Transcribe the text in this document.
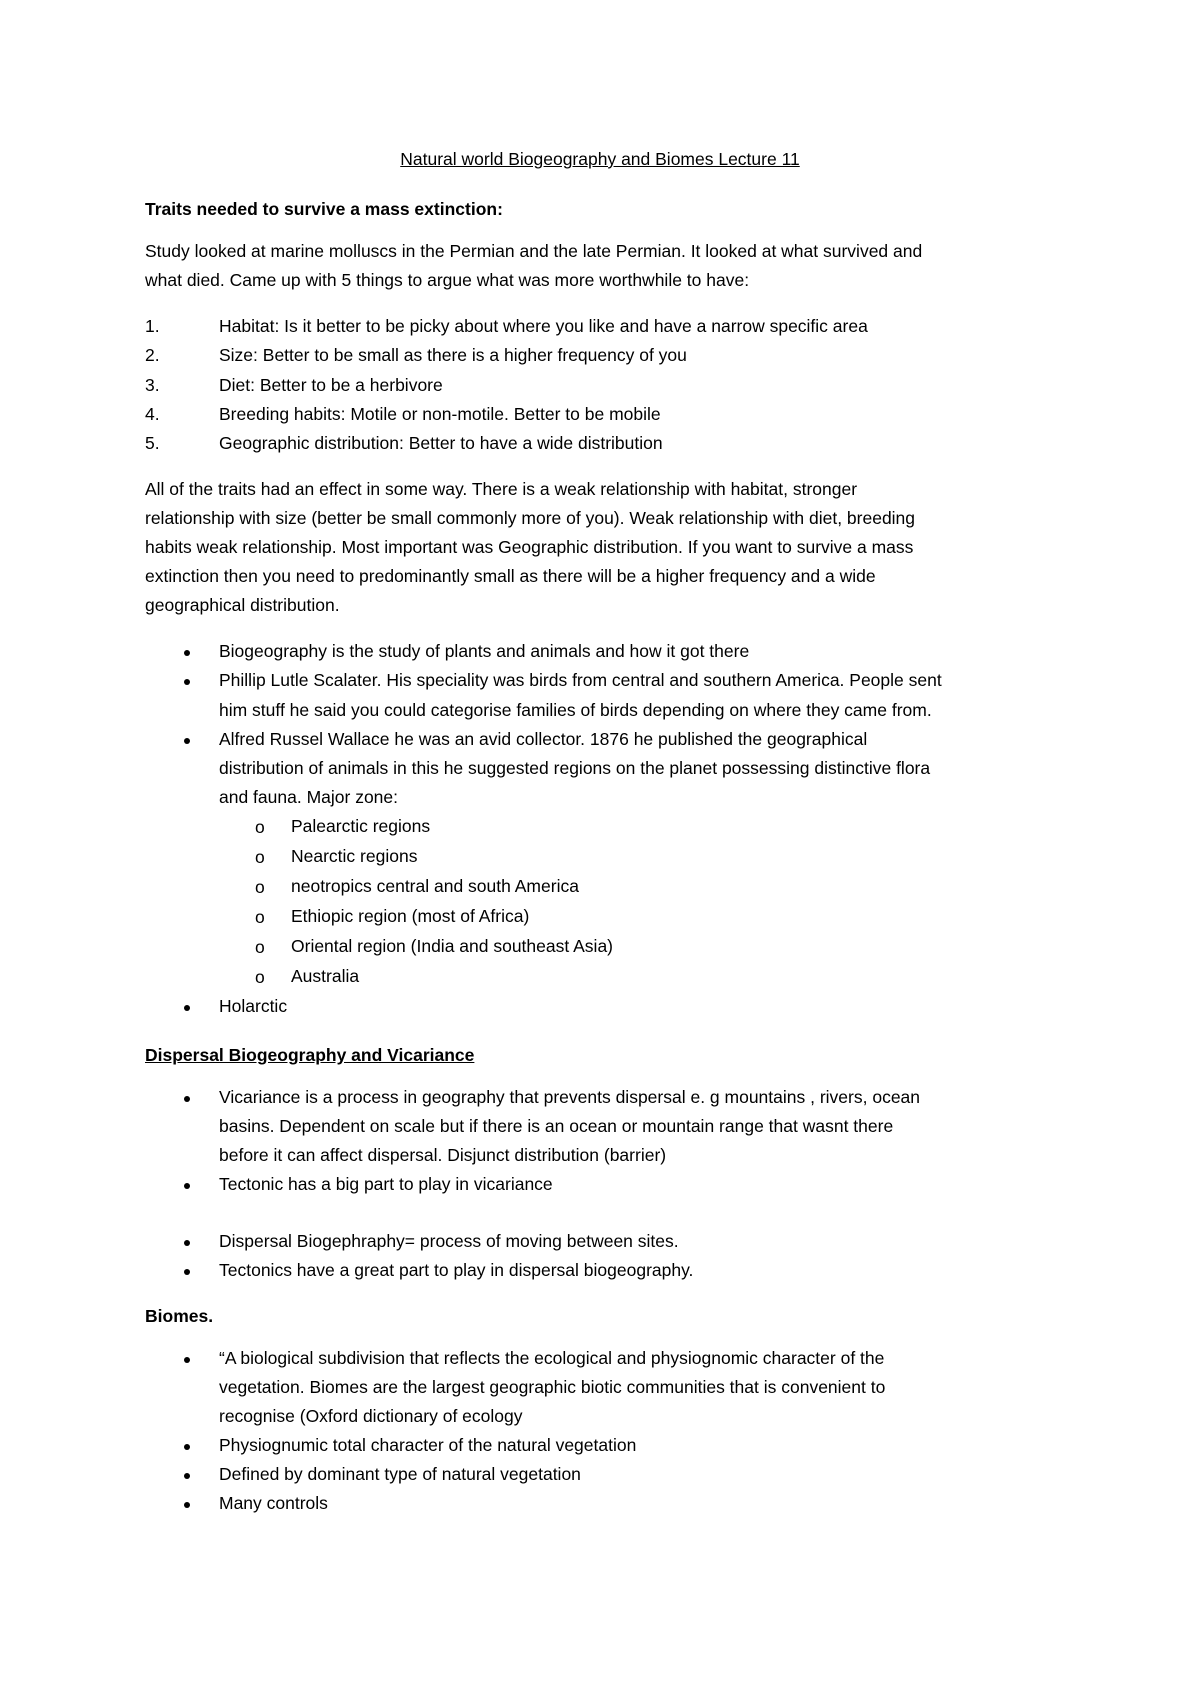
Natural world Biogeography and Biomes Lecture 11
Traits needed to survive a mass extinction:
Study looked at marine molluscs in the Permian and the late Permian. It looked at what survived and
what died. Came up with 5 things to argue what was more worthwhile to have:
1.	Habitat: Is it better to be picky about where you like and have a narrow specific area
2.	Size: Better to be small as there is a higher frequency of you
3.	Diet: Better to be a herbivore
4.	Breeding habits: Motile or non-motile. Better to be mobile
5.	Geographic distribution: Better to have a wide distribution
All of the traits had an effect in some way. There is a weak relationship with habitat, stronger
relationship with size (better be small commonly more of you). Weak relationship with diet, breeding
habits weak relationship. Most important was Geographic distribution. If you want to survive a mass
extinction then you need to predominantly small as there will be a higher frequency and a wide
geographical distribution.
Biogeography is the study of plants and animals and how it got there
Phillip Lutle Scalater. His speciality was birds from central and southern America. People sent
him stuff he said you could categorise families of birds depending on where they came from.
Alfred Russel Wallace he was an avid collector. 1876 he published the geographical
distribution of animals in this he suggested regions on the planet possessing distinctive flora
and fauna. Major zone:
o Palearctic regions
o Nearctic regions
o neotropics central and south America
o Ethiopic region (most of Africa)
o Oriental region (India and southeast Asia)
o Australia
Holarctic
Dispersal Biogeography and Vicariance
Vicariance is a process in geography that prevents dispersal e. g mountains , rivers, ocean
basins. Dependent on scale but if there is an ocean or mountain range that wasnt there
before it can affect dispersal. Disjunct distribution (barrier)
Tectonic has a big part to play in vicariance
Dispersal Biogephraphy= process of moving between sites.
Tectonics have a great part to play in dispersal biogeography.
Biomes.
“A biological subdivision that reflects the ecological and physiognomic character of the
vegetation. Biomes are the largest geographic biotic communities that is convenient to
recognise (Oxford dictionary of ecology
Physiognumic total character of the natural vegetation
Defined by dominant type of natural vegetation
Many controls
